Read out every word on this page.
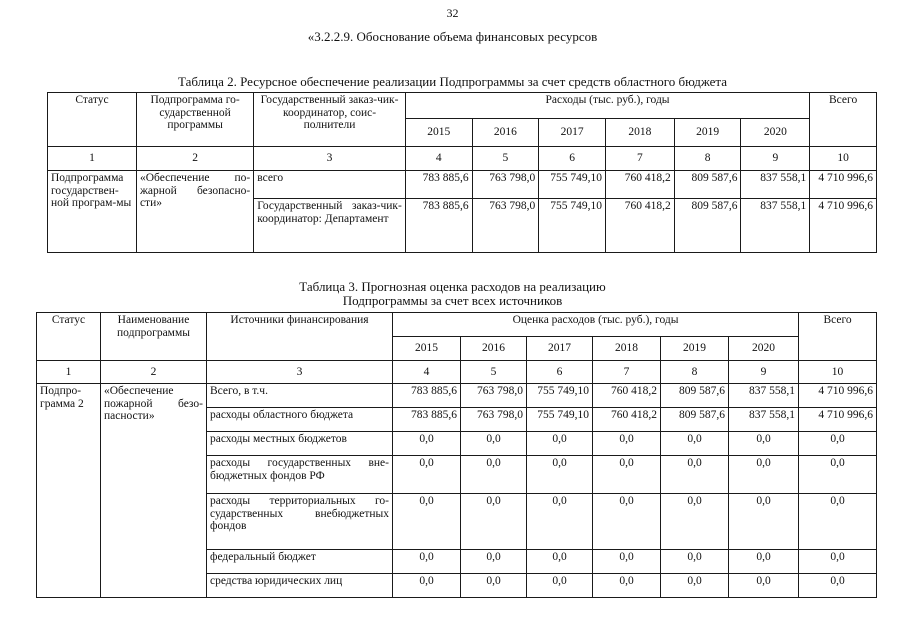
32
«3.2.2.9. Обоснование объема финансовых ресурсов
Таблица 2. Ресурсное обеспечение реализации Подпрограммы за счет средств областного бюджета
Статус	Подпрограмма го-сударственной программы	Государственный заказ-чик-координатор, соис-полнители	Расходы (тыс. руб.), годы						Всего
			2015	2016	2017	2018	2019	2020	
1	2	3	4	5	6	7	8	9	10
Подпрограмма государствен-ной програм-мы	«Обеспечение по-жарной безопасно-сти»	всего	783 885,6	763 798,0	755 749,10	760 418,2	809 587,6	837 558,1	4 710 996,6
		Государственный заказ-чик-координатор: Департамент	783 885,6	763 798,0	755 749,10	760 418,2	809 587,6	837 558,1	4 710 996,6
Таблица 3. Прогнозная оценка расходов на реализацию
Подпрограммы за счет всех источников
Статус	Наименование подпрограммы	Источники финансирования	Оценка расходов (тыс. руб.), годы						Всего
			2015	2016	2017	2018	2019	2020	
1	2	3	4	5	6	7	8	9	10
Подпро-грамма 2	«Обеспечение пожарной безо-пасности»	Всего, в т.ч.	783 885,6	763 798,0	755 749,10	760 418,2	809 587,6	837 558,1	4 710 996,6
		расходы областного бюджета	783 885,6	763 798,0	755 749,10	760 418,2	809 587,6	837 558,1	4 710 996,6
		расходы местных бюджетов	0,0	0,0	0,0	0,0	0,0	0,0	0,0
		расходы государственных вне-бюджетных фондов РФ	0,0	0,0	0,0	0,0	0,0	0,0	0,0
		расходы территориальных го-сударственных внебюджетных фондов	0,0	0,0	0,0	0,0	0,0	0,0	0,0
		федеральный бюджет	0,0	0,0	0,0	0,0	0,0	0,0	0,0
		средства юридических лиц	0,0	0,0	0,0	0,0	0,0	0,0	0,0
